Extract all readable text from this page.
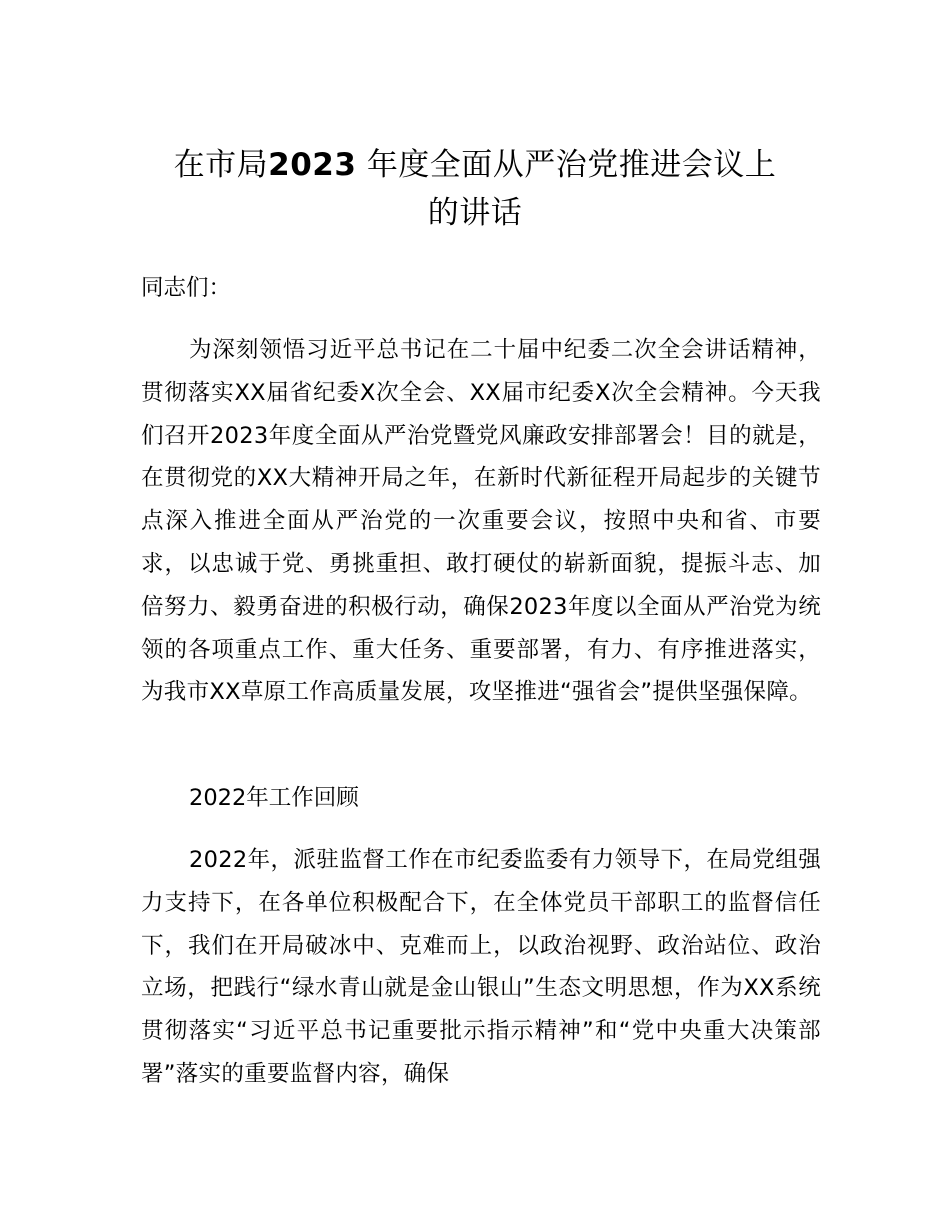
在市局2023 年度全面从严治党推进会议上
的讲话

同志们：

为深刻领悟习近平总书记在二十届中纪委二次全会讲话精神，贯彻落实XX届省纪委X次全会、XX届市纪委X次全会精神。今天我们召开2023年度全面从严治党暨党风廉政安排部署会！目的就是，在贯彻党的XX大精神开局之年，在新时代新征程开局起步的关键节点深入推进全面从严治党的一次重要会议，按照中央和省、市要求，以忠诚于党、勇挑重担、敢打硬仗的崭新面貌，提振斗志、加倍努力、毅勇奋进的积极行动，确保2023年度以全面从严治党为统领的各项重点工作、重大任务、重要部署，有力、有序推进落实，为我市XX草原工作高质量发展，攻坚推进“强省会”提供坚强保障。

2022年工作回顾

2022年，派驻监督工作在市纪委监委有力领导下，在局党组强力支持下，在各单位积极配合下，在全体党员干部职工的监督信任下，我们在开局破冰中、克难而上，以政治视野、政治站位、政治立场，把践行“绿水青山就是金山银山”生态文明思想，作为XX系统贯彻落实“习近平总书记重要批示指示精神”和“党中央重大决策部署”落实的重要监督内容，确保
